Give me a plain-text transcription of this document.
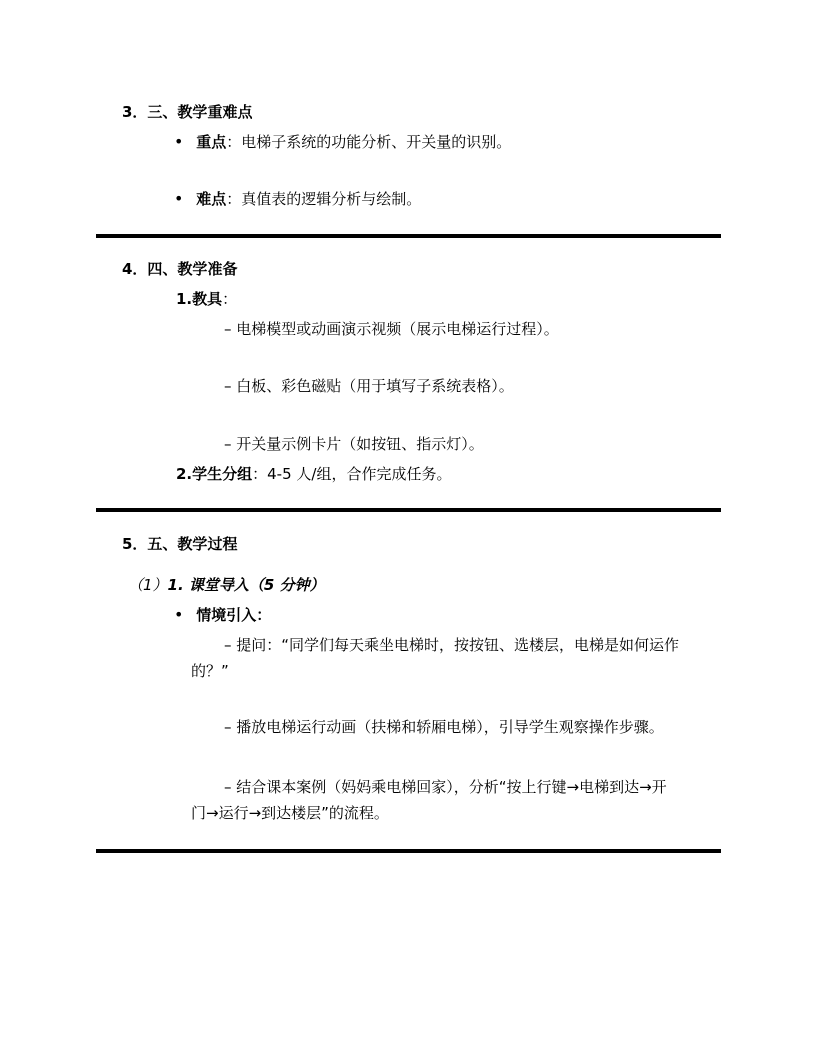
3．三、教学重难点
• 重点：电梯子系统的功能分析、开关量的识别。
• 难点：真值表的逻辑分析与绘制。
4．四、教学准备
1.教具：
– 电梯模型或动画演示视频（展示电梯运行过程）。
– 白板、彩色磁贴（用于填写子系统表格）。
– 开关量示例卡片（如按钮、指示灯）。
2.学生分组：4-5 人/组，合作完成任务。
5．五、教学过程
（1）1. 课堂导入（5 分钟）
• 情境引入：
– 提问：“同学们每天乘坐电梯时，按按钮、选楼层，电梯是如何运作
的？”
– 播放电梯运行动画（扶梯和轿厢电梯），引导学生观察操作步骤。
– 结合课本案例（妈妈乘电梯回家），分析“按上行键→电梯到达→开
门→运行→到达楼层”的流程。
